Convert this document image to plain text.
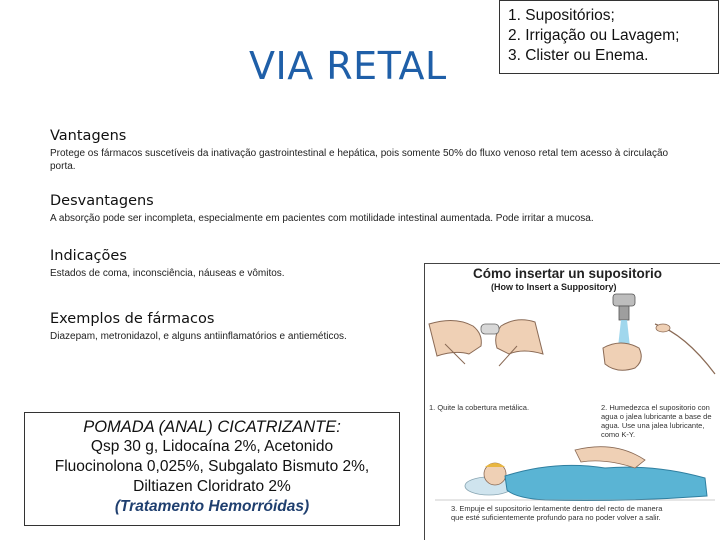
VIA RETAL
1. Supositórios;
2. Irrigação ou Lavagem;
3. Clister ou Enema.
Vantagens
Protege os fármacos suscetíveis da inativação gastrointestinal e hepática, pois somente 50% do fluxo venoso retal tem acesso à circulação porta.
Desvantagens
A absorção pode ser incompleta, especialmente em pacientes com motilidade intestinal aumentada. Pode irritar a mucosa.
Indicações
Estados de coma, inconsciência, náuseas e vômitos.
Exemplos de fármacos
Diazepam, metronidazol, e alguns antiinflamatórios e antieméticos.
POMADA (ANAL) CICATRIZANTE:
Qsp 30 g, Lidocaína 2%, Acetonido
Fluocinolona 0,025%, Subgalato Bismuto 2%,
Diltiazen Cloridrato 2%
(Tratamento Hemorróidas)
Cómo insertar un supositorio
(How to Insert a Suppository)
1. Quite la cobertura metálica.	2. Humedezca el supositorio con agua o jalea lubricante a base de agua. Use una jalea lubricante, como K-Y.
3. Empuje el supositorio lentamente dentro del recto de manera que esté suficientemente profundo para no poder volver a salir.
